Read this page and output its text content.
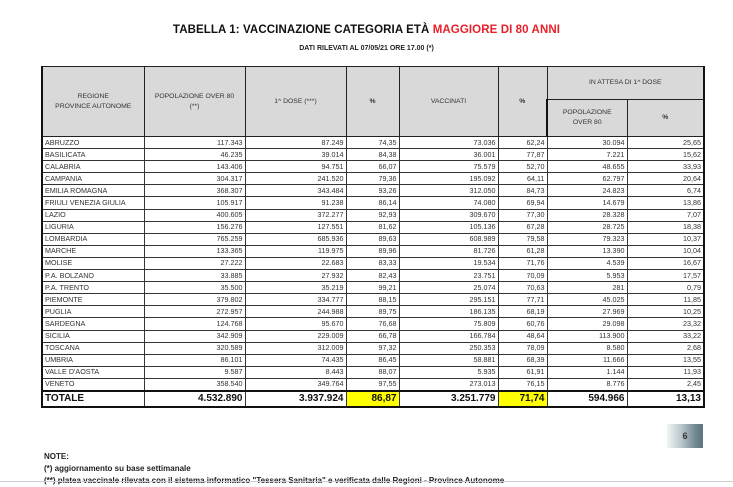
TABELLA 1: VACCINAZIONE CATEGORIA ETÀ MAGGIORE DI 80 ANNI
DATI RILEVATI AL 07/05/21 ORE 17.00 (*)
REGIONE
PROVINCE AUTONOME	POPOLAZIONE OVER 80
(**)	1^ DOSE (***)	%	VACCINATI	%	IN ATTESA DI 1^ DOSE	
						POPOLAZIONE
OVER 80	%
ABRUZZO	117.343	87.249	74,35	73.036	62,24	30.094	25,65
BASILICATA	46.235	39.014	84,38	36.001	77,87	7.221	15,62
CALABRIA	143.406	94.751	66,07	75.579	52,70	48.655	33,93
CAMPANIA	304.317	241.520	79,36	195.092	64,11	62.797	20,64
EMILIA ROMAGNA	368.307	343.484	93,26	312.050	84,73	24.823	6,74
FRIULI VENEZIA GIULIA	105.917	91.238	86,14	74.080	69,94	14.679	13,86
LAZIO	400.605	372.277	92,93	309.670	77,30	28.328	7,07
LIGURIA	156.276	127.551	81,62	105.136	67,28	28.725	18,38
LOMBARDIA	765.259	685.936	89,63	608.989	79,58	79.323	10,37
MARCHE	133.365	119.975	89,96	81.726	61,28	13.390	10,04
MOLISE	27.222	22.683	83,33	19.534	71,76	4.539	16,67
P.A. BOLZANO	33.885	27.932	82,43	23.751	70,09	5.953	17,57
P.A. TRENTO	35.500	35.219	99,21	25.074	70,63	281	0,79
PIEMONTE	379.802	334.777	88,15	295.151	77,71	45.025	11,85
PUGLIA	272.957	244.988	89,75	186.135	68,19	27.969	10,25
SARDEGNA	124.768	95.670	76,68	75.809	60,76	29.098	23,32
SICILIA	342.909	229.009	66,78	166.784	48,64	113.900	33,22
TOSCANA	320.589	312.009	97,32	250.353	78,09	8.580	2,68
UMBRIA	86.101	74.435	86,45	58.881	68,39	11.666	13,55
VALLE D'AOSTA	9.587	8.443	88,07	5.935	61,91	1.144	11,93
VENETO	358.540	349.764	97,55	273.013	76,15	8.776	2,45
TOTALE	4.532.890	3.937.924	86,87	3.251.779	71,74	594.966	13,13
6
NOTE:
(*) aggiornamento su base settimanale
